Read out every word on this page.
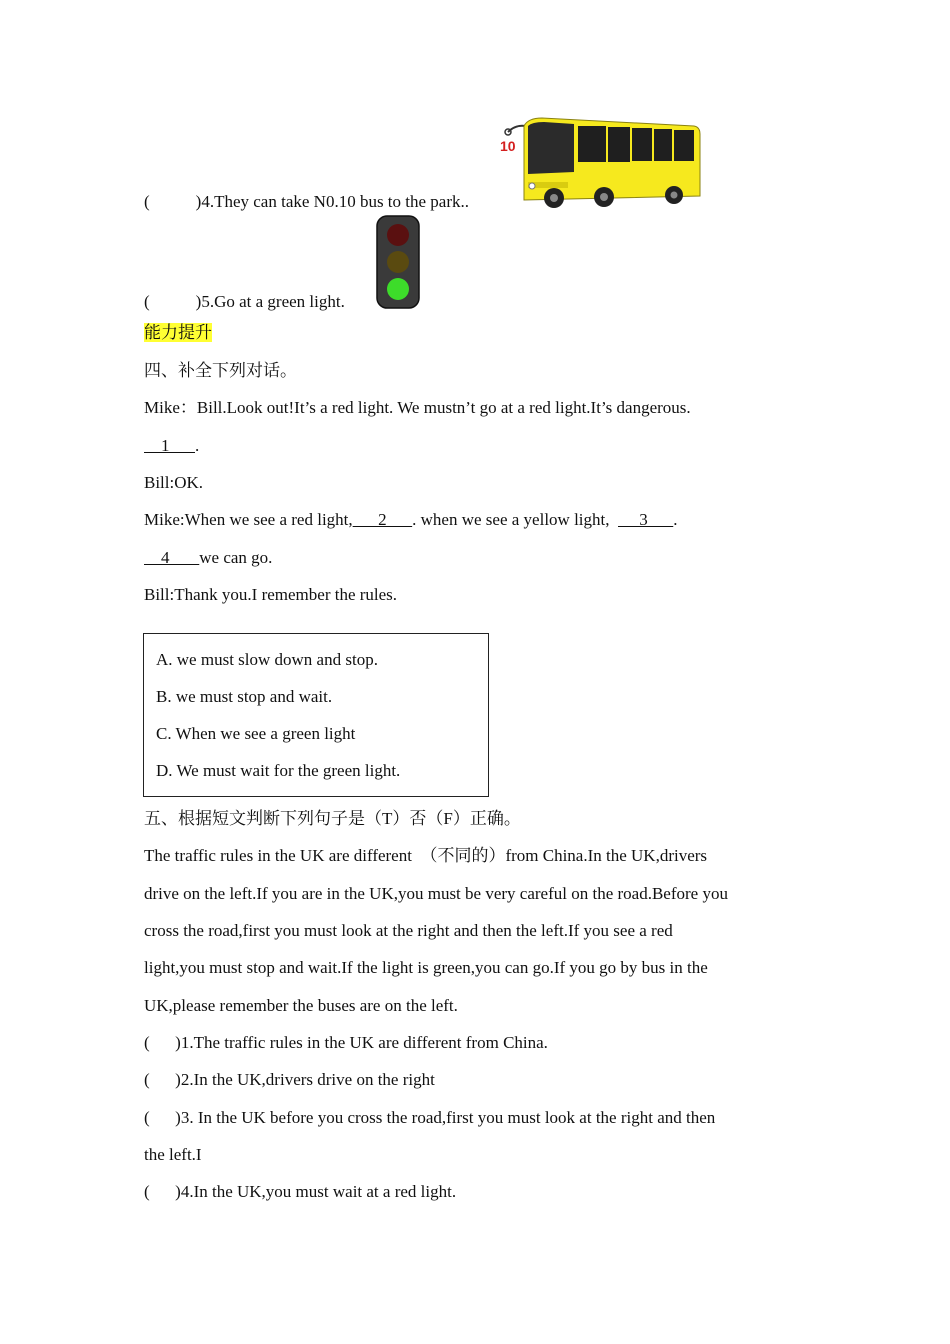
(	)4.They can take N0.10 bus to the park..
10
(	)5.Go at a green light.
能力提升
四、补全下列对话。
Mike：Bill.Look out!It’s a red light. We mustn’t go at a red light.It’s dangerous.
1      .
Bill:OK.
Mike:When we see a red light,      2      . when we see a yellow light,       3      .
4       we can go.
Bill:Thank you.I remember the rules.
A. we must slow down and stop.
B. we must stop and wait.
C. When we see a green light
D. We must wait for the green light.
五、根据短文判断下列句子是（T）否（F）正确。
The traffic rules in the UK are different  （不同的）from China.In the UK,drivers
drive on the left.If you are in the UK,you must be very careful on the road.Before you
cross the road,first you must look at the right and then the left.If you see a red
light,you must stop and wait.If the light is green,you can go.If you go by bus in the
UK,please remember the buses are on the left.
(      )1.The traffic rules in the UK are different from China.
(      )2.In the UK,drivers drive on the right
(      )3. In the UK before you cross the road,first you must look at the right and then
the left.I
(      )4.In the UK,you must wait at a red light.
